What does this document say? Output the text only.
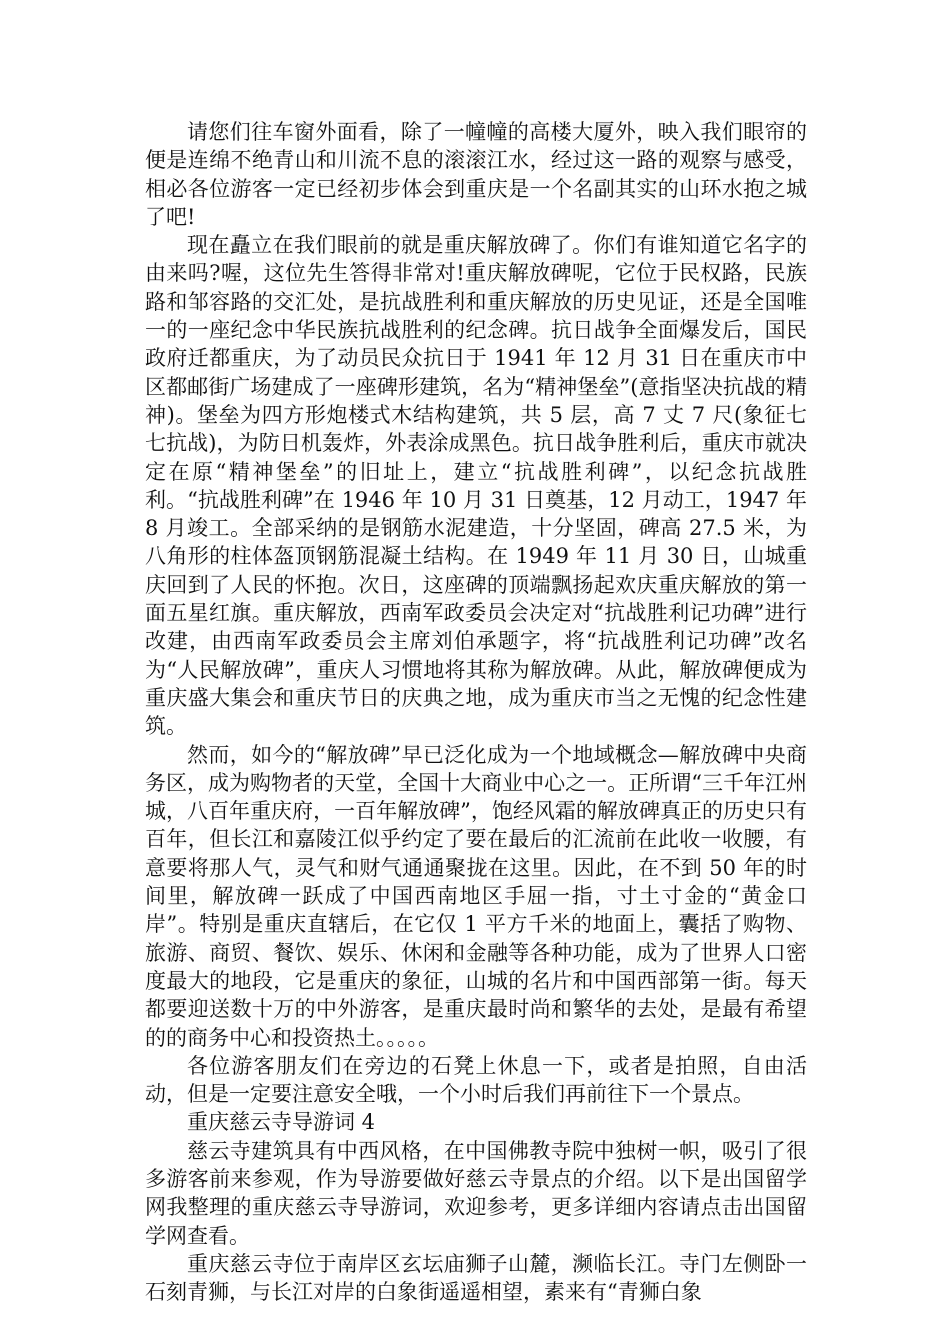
请您们往车窗外面看，除了一幢幢的高楼大厦外，映入我们眼帘的便是连绵不绝青山和川流不息的滚滚江水，经过这一路的观察与感受，相必各位游客一定已经初步体会到重庆是一个名副其实的山环水抱之城了吧!

现在矗立在我们眼前的就是重庆解放碑了。你们有谁知道它名字的由来吗?喔，这位先生答得非常对!重庆解放碑呢，它位于民权路，民族路和邹容路的交汇处，是抗战胜利和重庆解放的历史见证，还是全国唯一的一座纪念中华民族抗战胜利的纪念碑。抗日战争全面爆发后，国民政府迁都重庆，为了动员民众抗日于 1941 年 12 月 31 日在重庆市中区都邮街广场建成了一座碑形建筑，名为“精神堡垒”(意指坚决抗战的精神)。堡垒为四方形炮楼式木结构建筑，共 5 层，高 7 丈 7 尺(象征七七抗战)，为防日机轰炸，外表涂成黑色。抗日战争胜利后，重庆市就决定在原“精神堡垒”的旧址上，建立“抗战胜利碑”，以纪念抗战胜利。“抗战胜利碑”在 1946 年 10 月 31 日奠基，12 月动工，1947 年 8 月竣工。全部采纳的是钢筋水泥建造，十分坚固，碑高 27.5 米，为八角形的柱体盔顶钢筋混凝土结构。在 1949 年 11 月 30 日，山城重庆回到了人民的怀抱。次日，这座碑的顶端飘扬起欢庆重庆解放的第一面五星红旗。重庆解放，西南军政委员会决定对“抗战胜利记功碑”进行改建，由西南军政委员会主席刘伯承题字，将“抗战胜利记功碑”改名为“人民解放碑”，重庆人习惯地将其称为解放碑。从此，解放碑便成为重庆盛大集会和重庆节日的庆典之地，成为重庆市当之无愧的纪念性建筑。

然而，如今的“解放碑”早已泛化成为一个地域概念—解放碑中央商务区，成为购物者的天堂，全国十大商业中心之一。正所谓“三千年江州城，八百年重庆府，一百年解放碑”，饱经风霜的解放碑真正的历史只有百年，但长江和嘉陵江似乎约定了要在最后的汇流前在此收一收腰，有意要将那人气，灵气和财气通通聚拢在这里。因此，在不到 50 年的时间里，解放碑一跃成了中国西南地区手屈一指，寸土寸金的“黄金口岸”。特别是重庆直辖后，在它仅 1 平方千米的地面上，囊括了购物、旅游、商贸、餐饮、娱乐、休闲和金融等各种功能，成为了世界人口密度最大的地段，它是重庆的象征，山城的名片和中国西部第一街。每天都要迎送数十万的中外游客，是重庆最时尚和繁华的去处，是最有希望的的商务中心和投资热土。。。。。

各位游客朋友们在旁边的石凳上休息一下，或者是拍照，自由活动，但是一定要注意安全哦，一个小时后我们再前往下一个景点。

重庆慈云寺导游词 4

慈云寺建筑具有中西风格，在中国佛教寺院中独树一帜，吸引了很多游客前来参观，作为导游要做好慈云寺景点的介绍。以下是出国留学网我整理的重庆慈云寺导游词，欢迎参考，更多详细内容请点击出国留学网查看。

重庆慈云寺位于南岸区玄坛庙狮子山麓，濒临长江。寺门左侧卧一石刻青狮，与长江对岸的白象街遥遥相望，素来有“青狮白象
